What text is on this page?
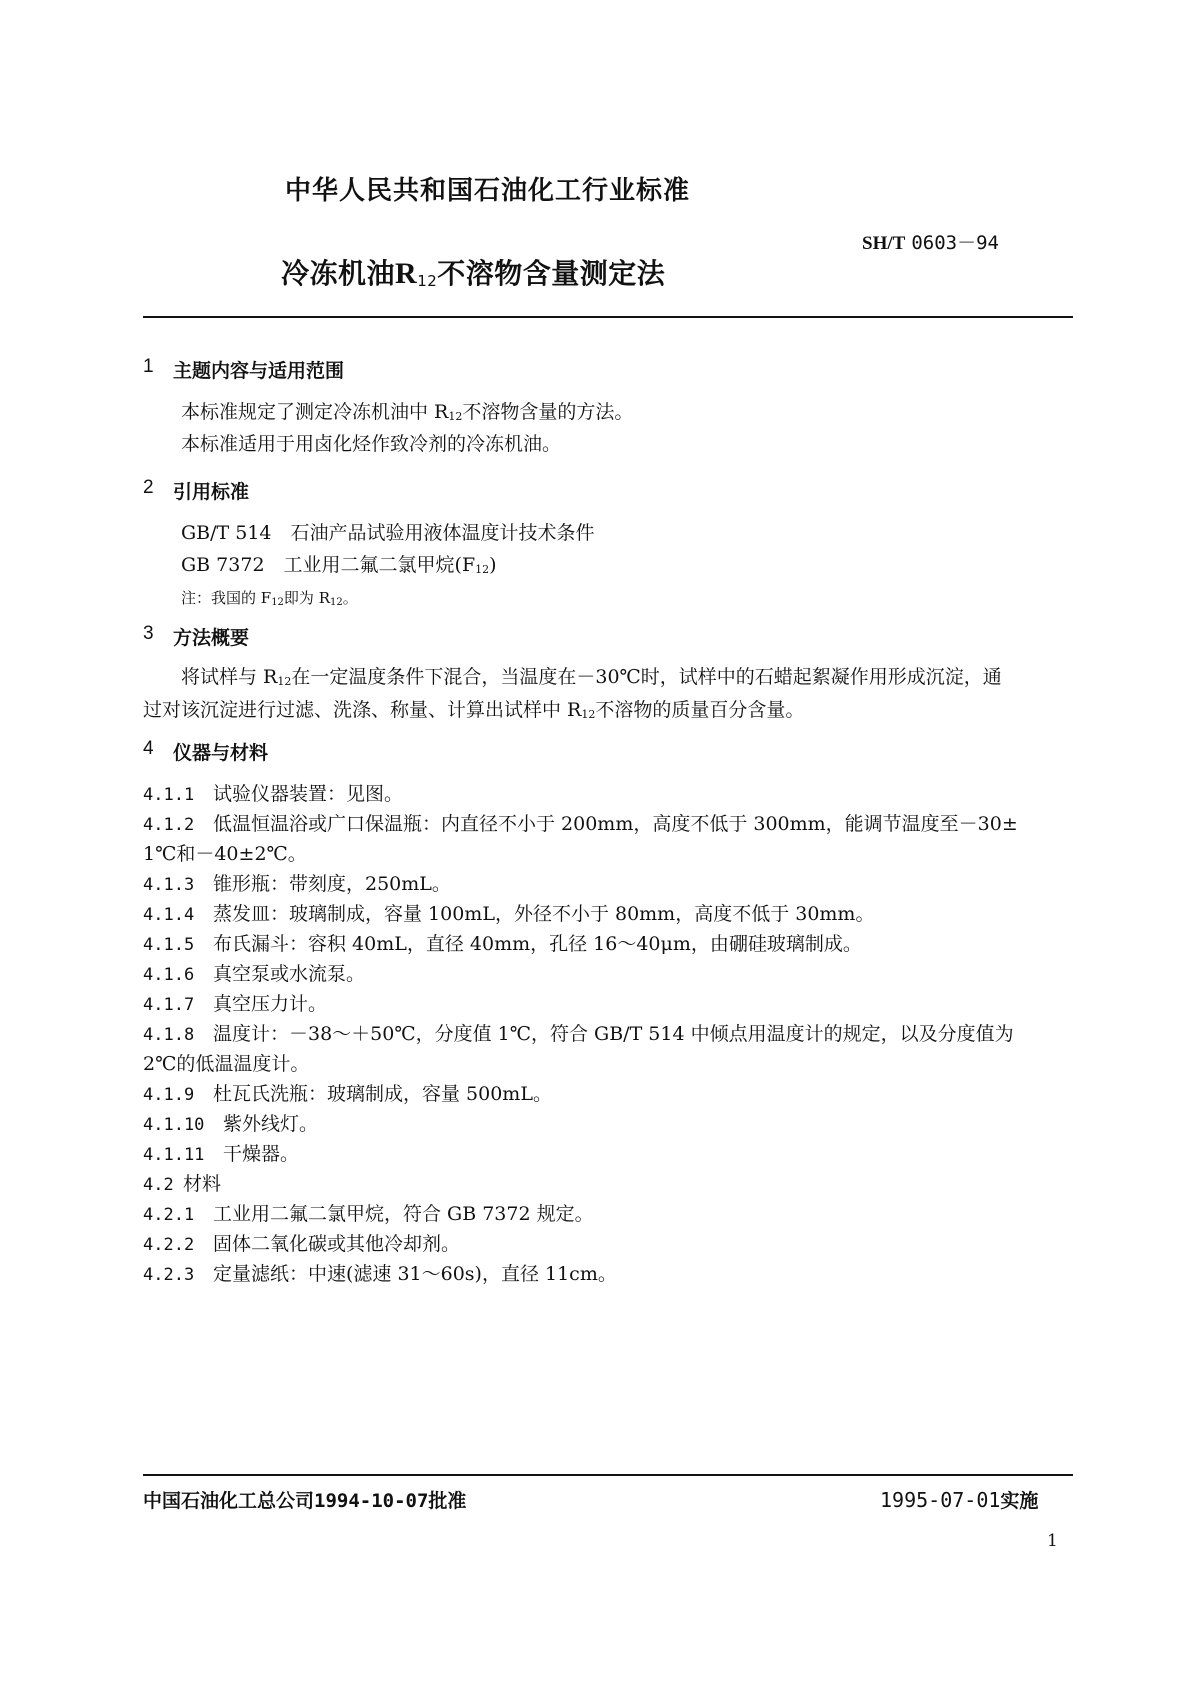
中华人民共和国石油化工行业标准
SH/T 0603－94
冷冻机油$R_{12}$不溶物含量测定法
1 主题内容与适用范围
本标准规定了测定冷冻机油中 $R_{12}$不溶物含量的方法。
本标准适用于用卤化烃作致冷剂的冷冻机油。
2 引用标准
GB/T 514　石油产品试验用液体温度计技术条件
GB 7372　工业用二氟二氯甲烷$(F_{12})$
注：我国的 $F_{12}$即为 $R_{12}$。
3 方法概要
将试样与 $R_{12}$在一定温度条件下混合，当温度在－30℃时，试样中的石蜡起絮凝作用形成沉淀，通
过对该沉淀进行过滤、洗涤、称量、计算出试样中 $R_{12}$不溶物的质量百分含量。
4 仪器与材料
4.1.1 试验仪器装置：见图。
4.1.2 低温恒温浴或广口保温瓶：内直径不小于 200mm，高度不低于 300mm，能调节温度至－30±
1℃和－40±2℃。
4.1.3 锥形瓶：带刻度，250mL。
4.1.4 蒸发皿：玻璃制成，容量 100mL，外径不小于 80mm，高度不低于 30mm。
4.1.5 布氏漏斗：容积 40mL，直径 40mm，孔径 16～40μm，由硼硅玻璃制成。
4.1.6 真空泵或水流泵。
4.1.7 真空压力计。
4.1.8 温度计：－38～＋50℃，分度值 1℃，符合 GB/T 514 中倾点用温度计的规定，以及分度值为
2℃的低温温度计。
4.1.9 杜瓦氏洗瓶：玻璃制成，容量 500mL。
4.1.10 紫外线灯。
4.1.11 干燥器。
4.2 材料
4.2.1 工业用二氟二氯甲烷，符合 GB 7372 规定。
4.2.2 固体二氧化碳或其他冷却剂。
4.2.3 定量滤纸：中速(滤速 31～60s)，直径 11cm。
中国石油化工总公司1994-10-07批准	1995-07-01实施
1
